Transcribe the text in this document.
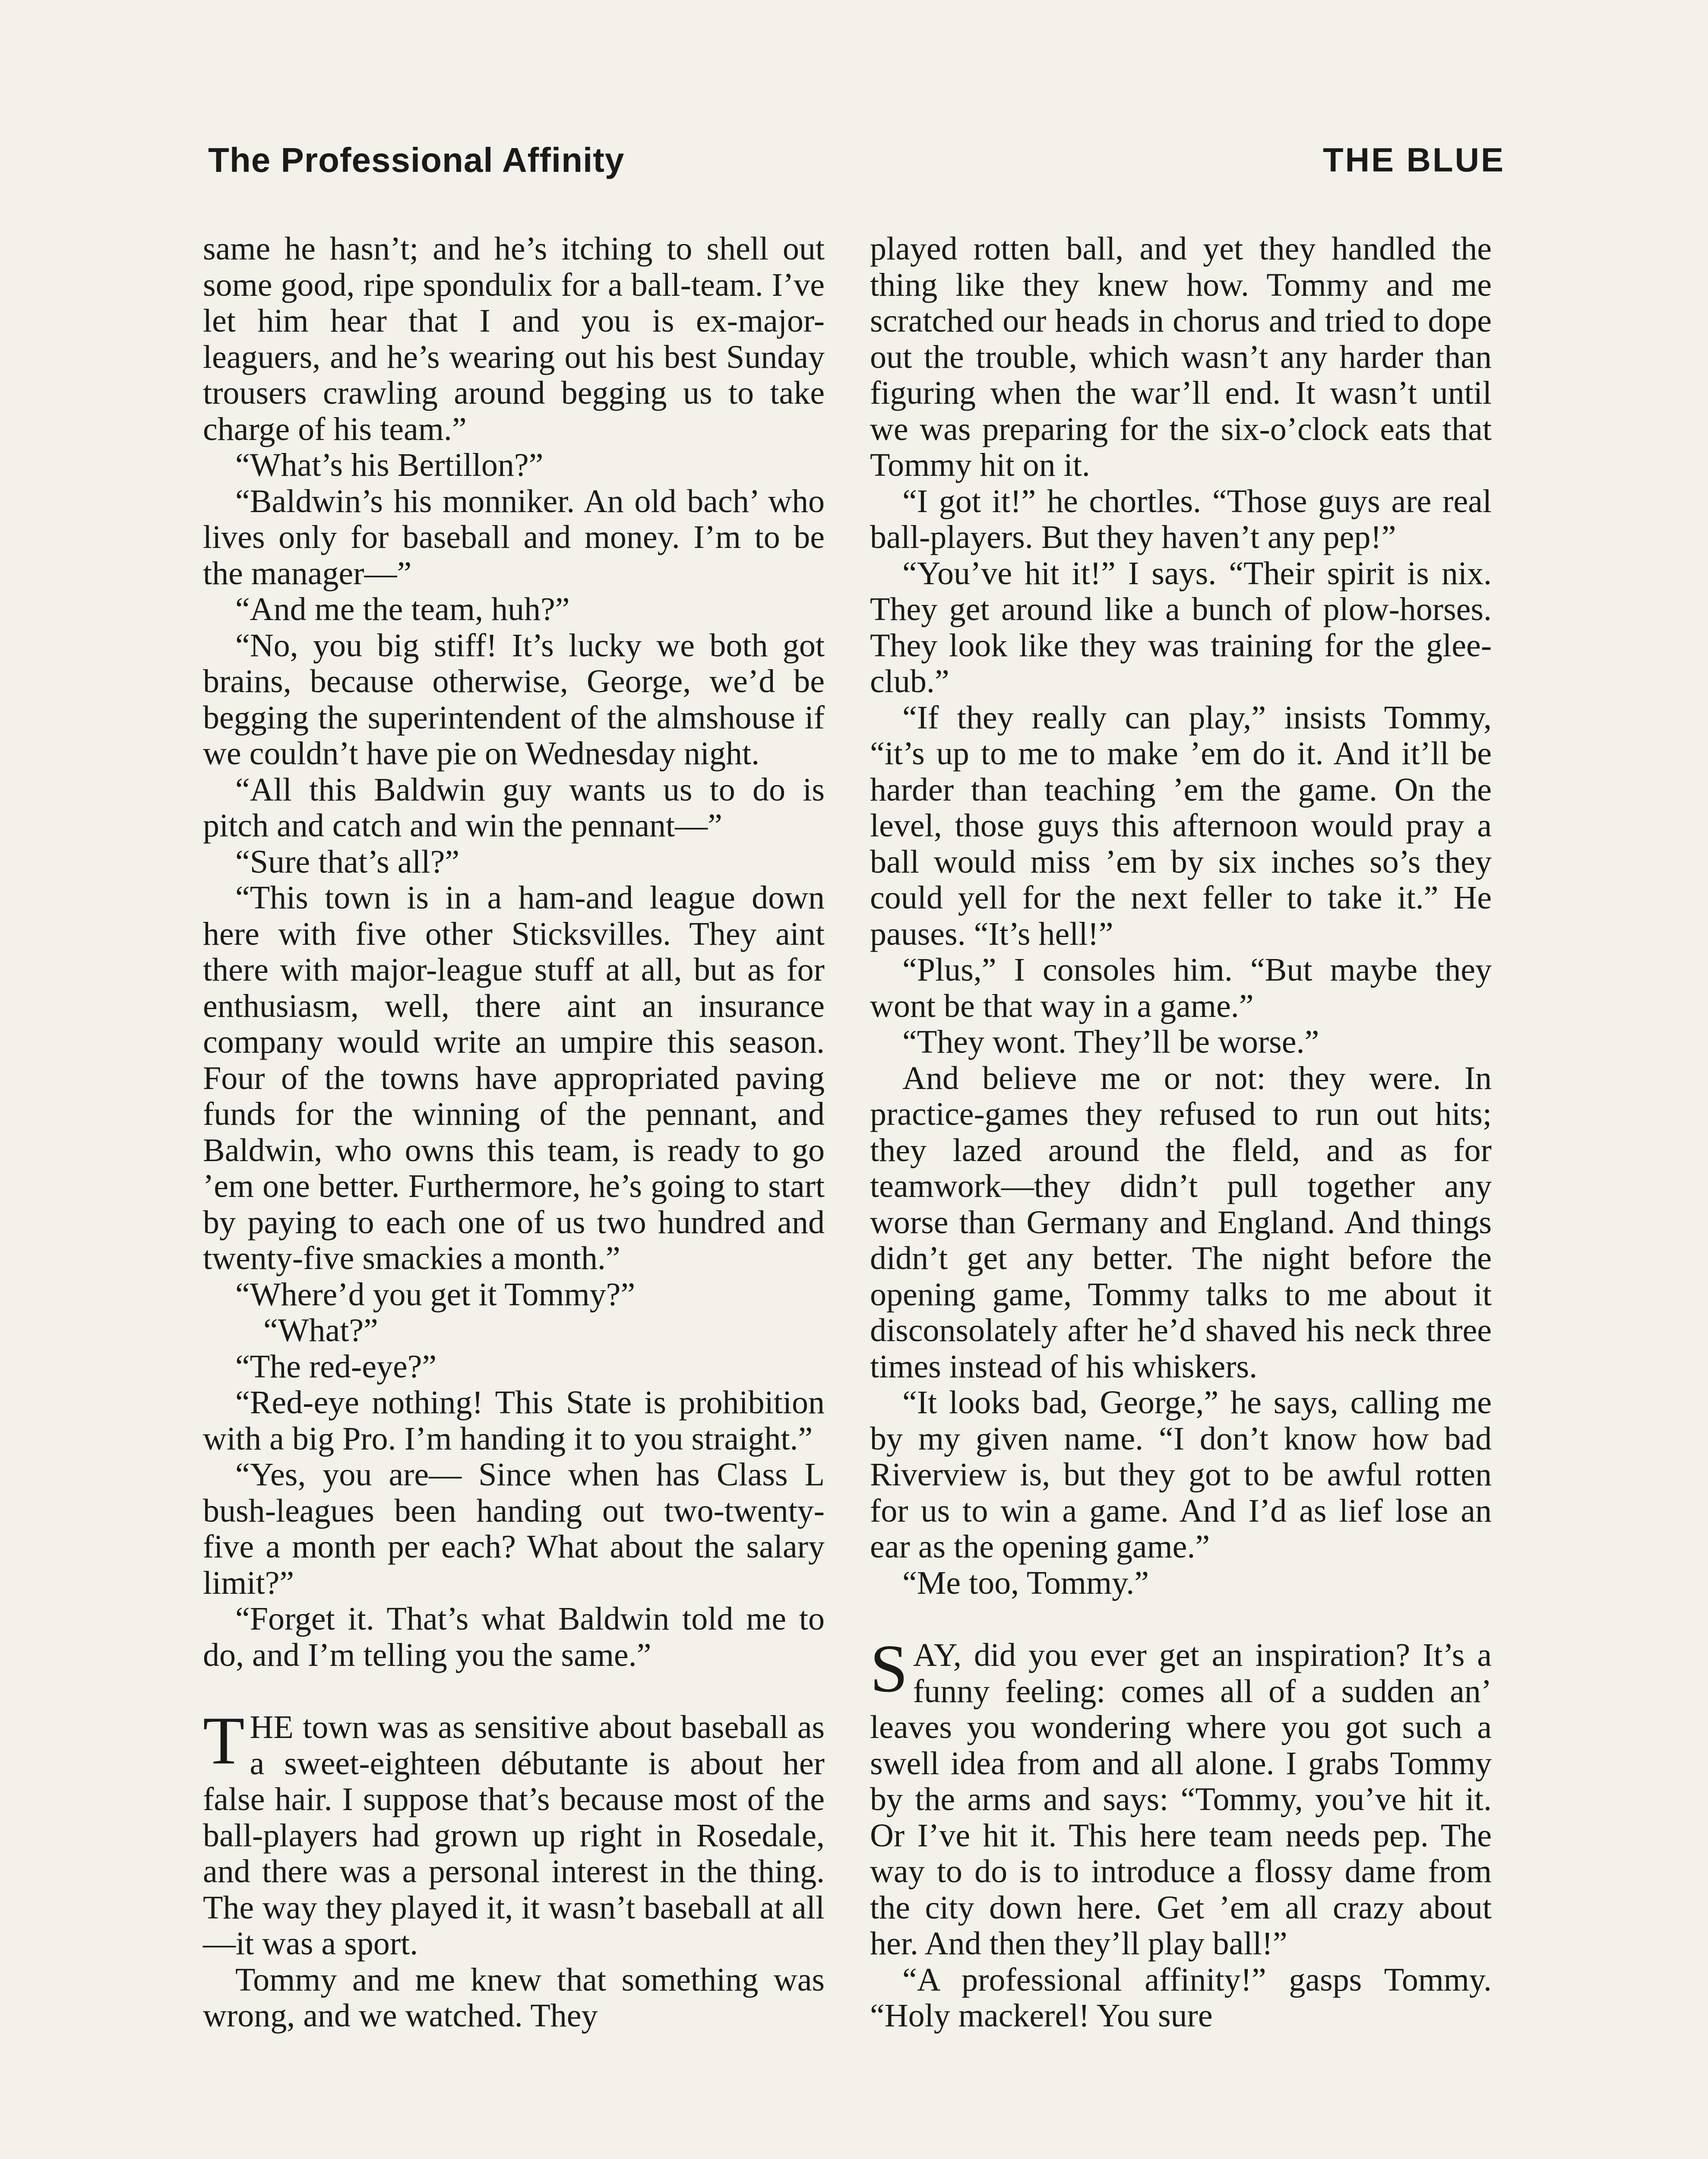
The Professional Affinity	THE BLUE

same he hasn’t; and he’s itching to shell out some good, ripe spondulix for a ball-team. I’ve let him hear that I and you is ex-major-leaguers, and he’s wearing out his best Sunday trousers crawling around begging us to take charge of his team.”

“What’s his Bertillon?”

“Baldwin’s his monniker. An old bach’ who lives only for baseball and money. I’m to be the manager—”

“And me the team, huh?”

“No, you big stiff! It’s lucky we both got brains, because otherwise, George, we’d be begging the superintendent of the almshouse if we couldn’t have pie on Wednesday night.

“All this Baldwin guy wants us to do is pitch and catch and win the pennant—”

“Sure that’s all?”

“This town is in a ham-and league down here with five other Sticksvilles. They aint there with major-league stuff at all, but as for enthusiasm, well, there aint an insurance company would write an umpire this season. Four of the towns have appropriated paving funds for the winning of the pennant, and Baldwin, who owns this team, is ready to go ’em one better. Furthermore, he’s going to start by paying to each one of us two hundred and twenty-five smackies a month.”

“Where’d you get it Tommy?”

“What?”

“The red-eye?”

“Red-eye nothing! This State is prohibition with a big Pro. I’m handing it to you straight.”

“Yes, you are— Since when has Class L bush-leagues been handing out two-twenty-five a month per each? What about the salary limit?”

“Forget it. That’s what Baldwin told me to do, and I’m telling you the same.”

THE town was as sensitive about baseball as a sweet-eighteen débutante is about her false hair. I suppose that’s because most of the ball-players had grown up right in Rosedale, and there was a personal interest in the thing. The way they played it, it wasn’t baseball at all—it was a sport.

Tommy and me knew that something was wrong, and we watched. They

played rotten ball, and yet they handled the thing like they knew how. Tommy and me scratched our heads in chorus and tried to dope out the trouble, which wasn’t any harder than figuring when the war’ll end. It wasn’t until we was preparing for the six-o’clock eats that Tommy hit on it.

“I got it!” he chortles. “Those guys are real ball-players. But they haven’t any pep!”

“You’ve hit it!” I says. “Their spirit is nix. They get around like a bunch of plow-horses. They look like they was training for the glee-club.”

“If they really can play,” insists Tommy, “it’s up to me to make ’em do it. And it’ll be harder than teaching ’em the game. On the level, those guys this afternoon would pray a ball would miss ’em by six inches so’s they could yell for the next feller to take it.” He pauses. “It’s hell!”

“Plus,” I consoles him. “But maybe they wont be that way in a game.”

“They wont. They’ll be worse.”

And believe me or not: they were. In practice-games they refused to run out hits; they lazed around the fleld, and as for teamwork—they didn’t pull together any worse than Germany and England. And things didn’t get any better. The night before the opening game, Tommy talks to me about it disconsolately after he’d shaved his neck three times instead of his whiskers.

“It looks bad, George,” he says, calling me by my given name. “I don’t know how bad Riverview is, but they got to be awful rotten for us to win a game. And I’d as lief lose an ear as the opening game.”

“Me too, Tommy.”

SAY, did you ever get an inspiration? It’s a funny feeling: comes all of a sudden an’ leaves you wondering where you got such a swell idea from and all alone. I grabs Tommy by the arms and says: “Tommy, you’ve hit it. Or I’ve hit it. This here team needs pep. The way to do is to introduce a flossy dame from the city down here. Get ’em all crazy about her. And then they’ll play ball!”

“A professional affinity!” gasps Tommy. “Holy mackerel! You sure
